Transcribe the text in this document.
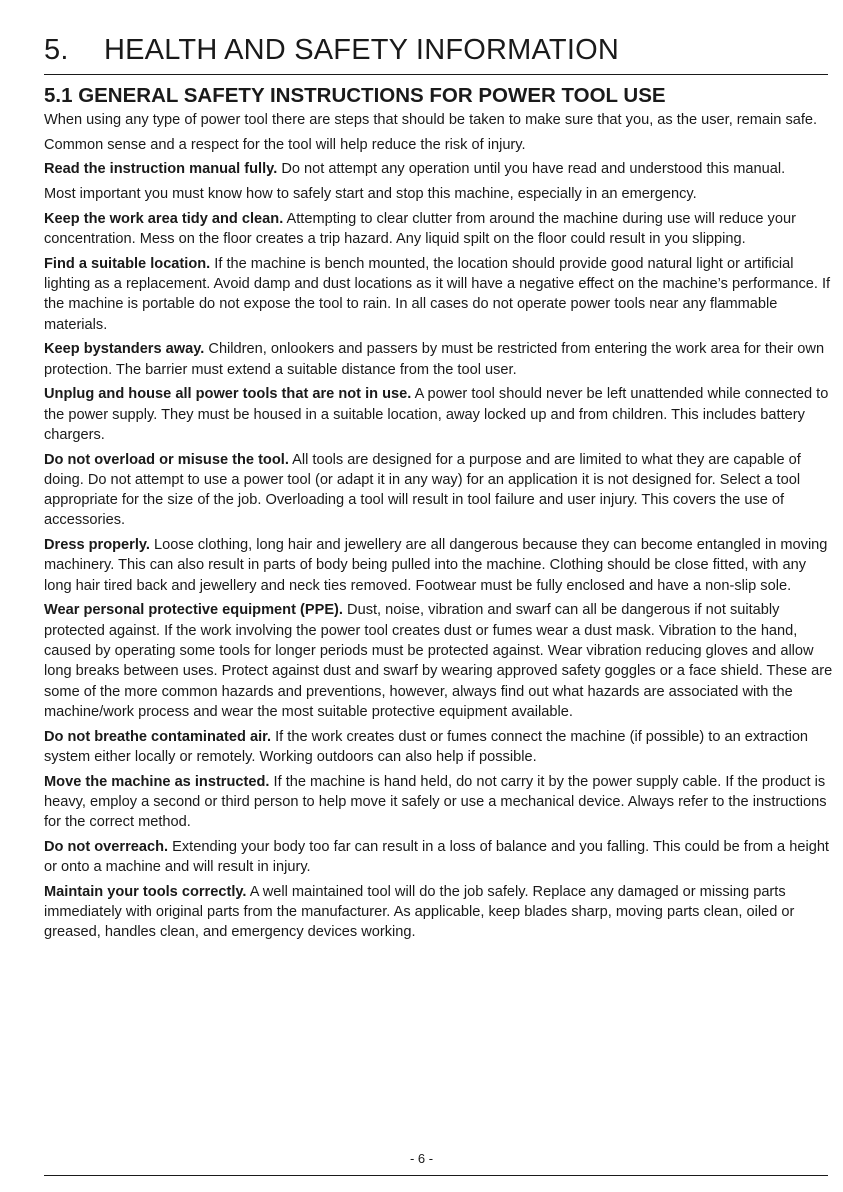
5. HEALTH AND SAFETY INFORMATION
5.1 GENERAL SAFETY INSTRUCTIONS FOR POWER TOOL USE

When using any type of power tool there are steps that should be taken to make sure that you, as the user, remain safe.

Common sense and a respect for the tool will help reduce the risk of injury.

Read the instruction manual fully. Do not attempt any operation until you have read and understood this manual.

Most important you must know how to safely start and stop this machine, especially in an emergency.

Keep the work area tidy and clean. Attempting to clear clutter from around the machine during use will reduce your concentration. Mess on the floor creates a trip hazard. Any liquid spilt on the floor could result in you slipping.

Find a suitable location. If the machine is bench mounted, the location should provide good natural light or artificial lighting as a replacement. Avoid damp and dust locations as it will have a negative effect on the machine’s performance. If the machine is portable do not expose the tool to rain. In all cases do not operate power tools near any flammable materials.

Keep bystanders away. Children, onlookers and passers by must be restricted from entering the work area for their own protection. The barrier must extend a suitable distance from the tool user.

Unplug and house all power tools that are not in use. A power tool should never be left unattended while connected to the power supply. They must be housed in a suitable location, away locked up and from children. This includes battery chargers.

Do not overload or misuse the tool. All tools are designed for a purpose and are limited to what they are capable of doing. Do not attempt to use a power tool (or adapt it in any way) for an application it is not designed for. Select a tool appropriate for the size of the job. Overloading a tool will result in tool failure and user injury. This covers the use of accessories.

Dress properly. Loose clothing, long hair and jewellery are all dangerous because they can become entangled in moving machinery. This can also result in parts of body being pulled into the machine. Clothing should be close fitted, with any long hair tired back and jewellery and neck ties removed. Footwear must be fully enclosed and have a non-slip sole.

Wear personal protective equipment (PPE). Dust, noise, vibration and swarf can all be dangerous if not suitably protected against. If the work involving the power tool creates dust or fumes wear a dust mask. Vibration to the hand, caused by operating some tools for longer periods must be protected against. Wear vibration reducing gloves and allow long breaks between uses. Protect against dust and swarf by wearing approved safety goggles or a face shield. These are some of the more common hazards and preventions, however, always find out what hazards are associated with the machine/work process and wear the most suitable protective equipment available.

Do not breathe contaminated air. If the work creates dust or fumes connect the machine (if possible) to an extraction system either locally or remotely. Working outdoors can also help if possible.

Move the machine as instructed. If the machine is hand held, do not carry it by the power supply cable. If the product is heavy, employ a second or third person to help move it safely or use a mechanical device. Always refer to the instructions for the correct method.

Do not overreach. Extending your body too far can result in a loss of balance and you falling. This could be from a height or onto a machine and will result in injury.

Maintain your tools correctly. A well maintained tool will do the job safely. Replace any damaged or missing parts immediately with original parts from the manufacturer. As applicable, keep blades sharp, moving parts clean, oiled or greased, handles clean, and emergency devices working.

- 6 -
